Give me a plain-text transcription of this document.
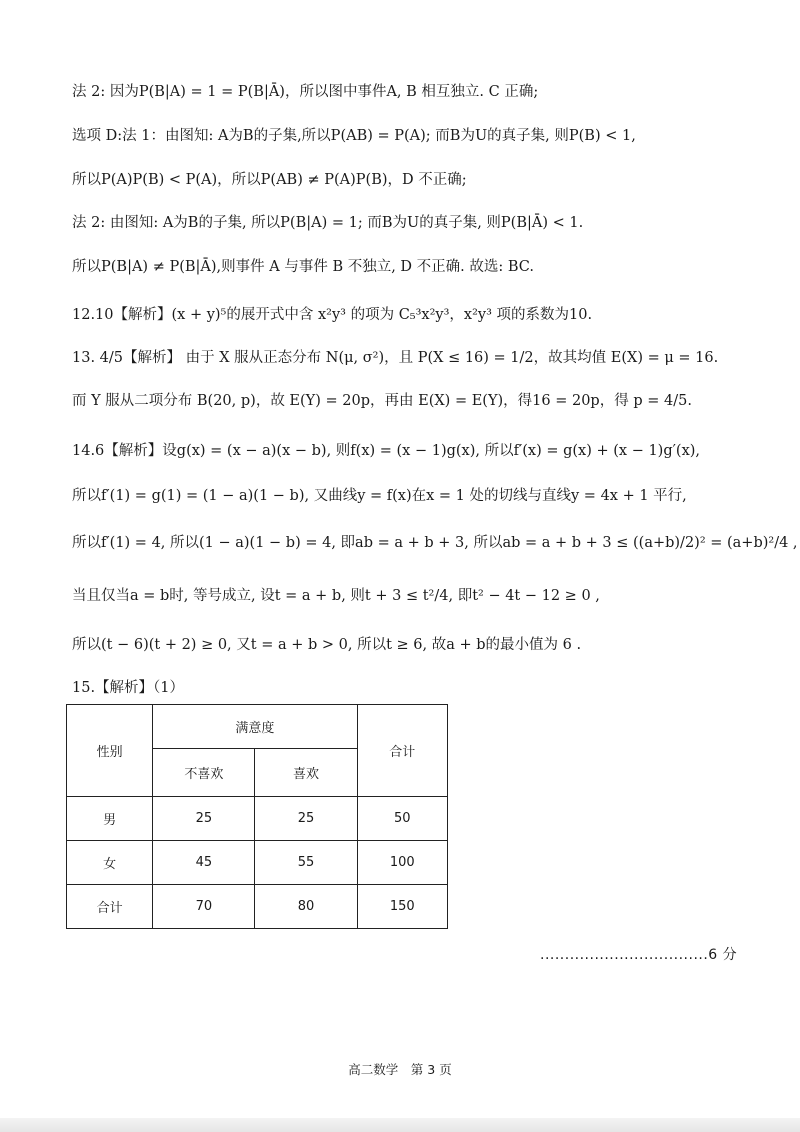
法 2: 因为P(B|A) = 1 = P(B|Ā)，所以图中事件A, B 相互独立. C 正确;
选项 D:法 1：由图知: A为B的子集,所以P(AB) = P(A); 而B为U的真子集, 则P(B) < 1,
所以P(A)P(B) < P(A)，所以P(AB) ≠ P(A)P(B)，D 不正确;
法 2: 由图知: A为B的子集, 所以P(B|A) = 1; 而B为U的真子集, 则P(B|Ā) < 1.
所以P(B|A) ≠ P(B|Ā),则事件 A 与事件 B 不独立, D 不正确. 故选: BC.
12.10【解析】(x + y)⁵的展开式中含 x²y³ 的项为 C₅³x²y³，x²y³ 项的系数为10.
13. 4/5【解析】 由于 X 服从正态分布 N(μ, σ²)，且 P(X ≤ 16) = 1/2，故其均值 E(X) = μ = 16.
而 Y 服从二项分布 B(20, p)，故 E(Y) = 20p，再由 E(X) = E(Y)，得16 = 20p，得 p = 4/5.
14.6【解析】设g(x) = (x − a)(x − b), 则f(x) = (x − 1)g(x), 所以f′(x) = g(x) + (x − 1)g′(x),
所以f′(1) = g(1) = (1 − a)(1 − b), 又曲线y = f(x)在x = 1 处的切线与直线y = 4x + 1 平行,
所以f′(1) = 4, 所以(1 − a)(1 − b) = 4, 即ab = a + b + 3, 所以ab = a + b + 3 ≤ ((a+b)/2)² = (a+b)²/4 ,
当且仅当a = b时, 等号成立, 设t = a + b, 则t + 3 ≤ t²/4, 即t² − 4t − 12 ≥ 0 ,
所以(t − 6)(t + 2) ≥ 0, 又t = a + b > 0, 所以t ≥ 6, 故a + b的最小值为 6 .
15.【解析】（1）
性别	满意度		合计
	不喜欢	喜欢	
男	25	25	50
女	45	55	100
合计	70	80	150
..................................6 分
高二数学　第 3 页
